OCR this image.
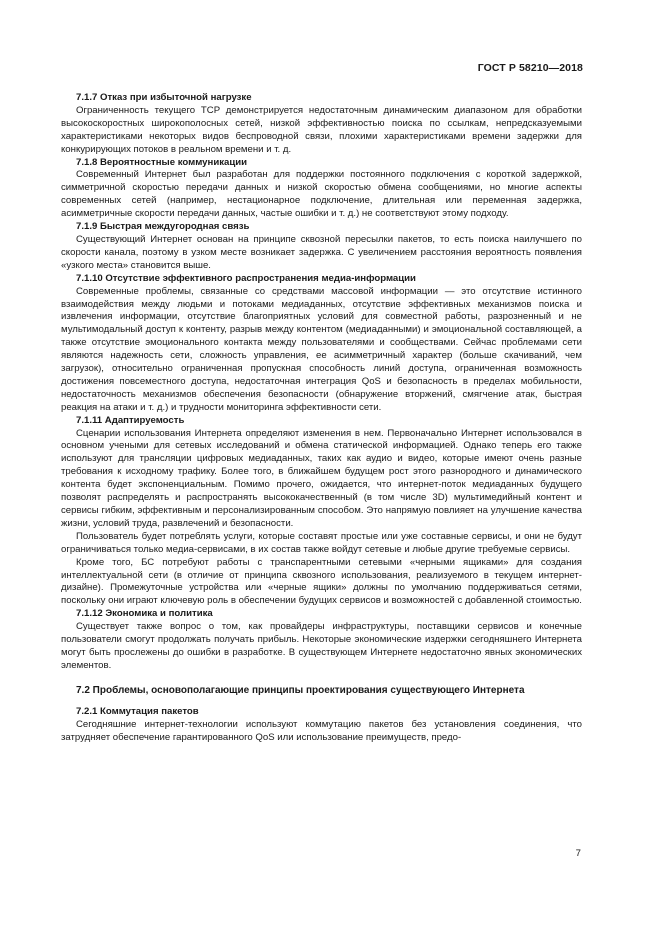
ГОСТ Р 58210—2018
7.1.7 Отказ при избыточной нагрузке

Ограниченность текущего TCP демонстрируется недостаточным динамическим диапазоном для обработки высокоскоростных широкополосных сетей, низкой эффективностью поиска по ссылкам, непредсказуемыми характеристиками некоторых видов беспроводной связи, плохими характеристиками времени задержки для конкурирующих потоков в реальном времени и т. д.

7.1.8 Вероятностные коммуникации

Современный Интернет был разработан для поддержки постоянного подключения с короткой задержкой, симметричной скоростью передачи данных и низкой скоростью обмена сообщениями, но многие аспекты современных сетей (например, нестационарное подключение, длительная или переменная задержка, асимметричные скорости передачи данных, частые ошибки и т. д.) не соответствуют этому подходу.

7.1.9 Быстрая междугородная связь

Существующий Интернет основан на принципе сквозной пересылки пакетов, то есть поиска наилучшего по скорости канала, поэтому в узком месте возникает задержка. С увеличением расстояния вероятность появления «узкого места» становится выше.

7.1.10 Отсутствие эффективного распространения медиа-информации

Современные проблемы, связанные со средствами массовой информации — это отсутствие истинного взаимодействия между людьми и потоками медиаданных, отсутствие эффективных механизмов поиска и извлечения информации, отсутствие благоприятных условий для совместной работы, разрозненный и не мультимодальный доступ к контенту, разрыв между контентом (медиаданными) и эмоциональной составляющей, а также отсутствие эмоционального контакта между пользователями и сообществами. Сейчас проблемами сети являются надежность сети, сложность управления, ее асимметричный характер (больше скачиваний, чем загрузок), относительно ограниченная пропускная способность линий доступа, ограниченная возможность достижения повсеместного доступа, недостаточная интеграция QoS и безопасность в пределах мобильности, недостаточность механизмов обеспечения безопасности (обнаружение вторжений, смягчение атак, быстрая реакция на атаки и т. д.) и трудности мониторинга эффективности сети.

7.1.11 Адаптируемость

Сценарии использования Интернета определяют изменения в нем. Первоначально Интернет использовался в основном учеными для сетевых исследований и обмена статической информацией. Однако теперь его также используют для трансляции цифровых медиаданных, таких как аудио и видео, которые имеют очень разные требования к исходному трафику. Более того, в ближайшем будущем рост этого разнородного и динамического контента будет экспоненциальным. Помимо прочего, ожидается, что интернет-поток медиаданных будущего позволят распределять и распространять высококачественный (в том числе 3D) мультимедийный контент и сервисы гибким, эффективным и персонализированным способом. Это напрямую повлияет на улучшение качества жизни, условий труда, развлечений и безопасности.

Пользователь будет потреблять услуги, которые составят простые или уже составные сервисы, и они не будут ограничиваться только медиа-сервисами, в их состав также войдут сетевые и любые другие требуемые сервисы.

Кроме того, БС потребуют работы с транспарентными сетевыми «черными ящиками» для создания интеллектуальной сети (в отличие от принципа сквозного использования, реализуемого в текущем интернет-дизайне). Промежуточные устройства или «черные ящики» должны по умолчанию поддерживаться сетями, поскольку они играют ключевую роль в обеспечении будущих сервисов и возможностей с добавленной стоимостью.

7.1.12 Экономика и политика

Существует также вопрос о том, как провайдеры инфраструктуры, поставщики сервисов и конечные пользователи смогут продолжать получать прибыль. Некоторые экономические издержки сегодняшнего Интернета могут быть прослежены до ошибки в разработке. В существующем Интернете недостаточно явных экономических элементов.

7.2 Проблемы, основополагающие принципы проектирования существующего Интернета
7.2.1 Коммутация пакетов

Сегодняшние интернет-технологии используют коммутацию пакетов без установления соединения, что затрудняет обеспечение гарантированного QoS или использование преимуществ, предо-

7
